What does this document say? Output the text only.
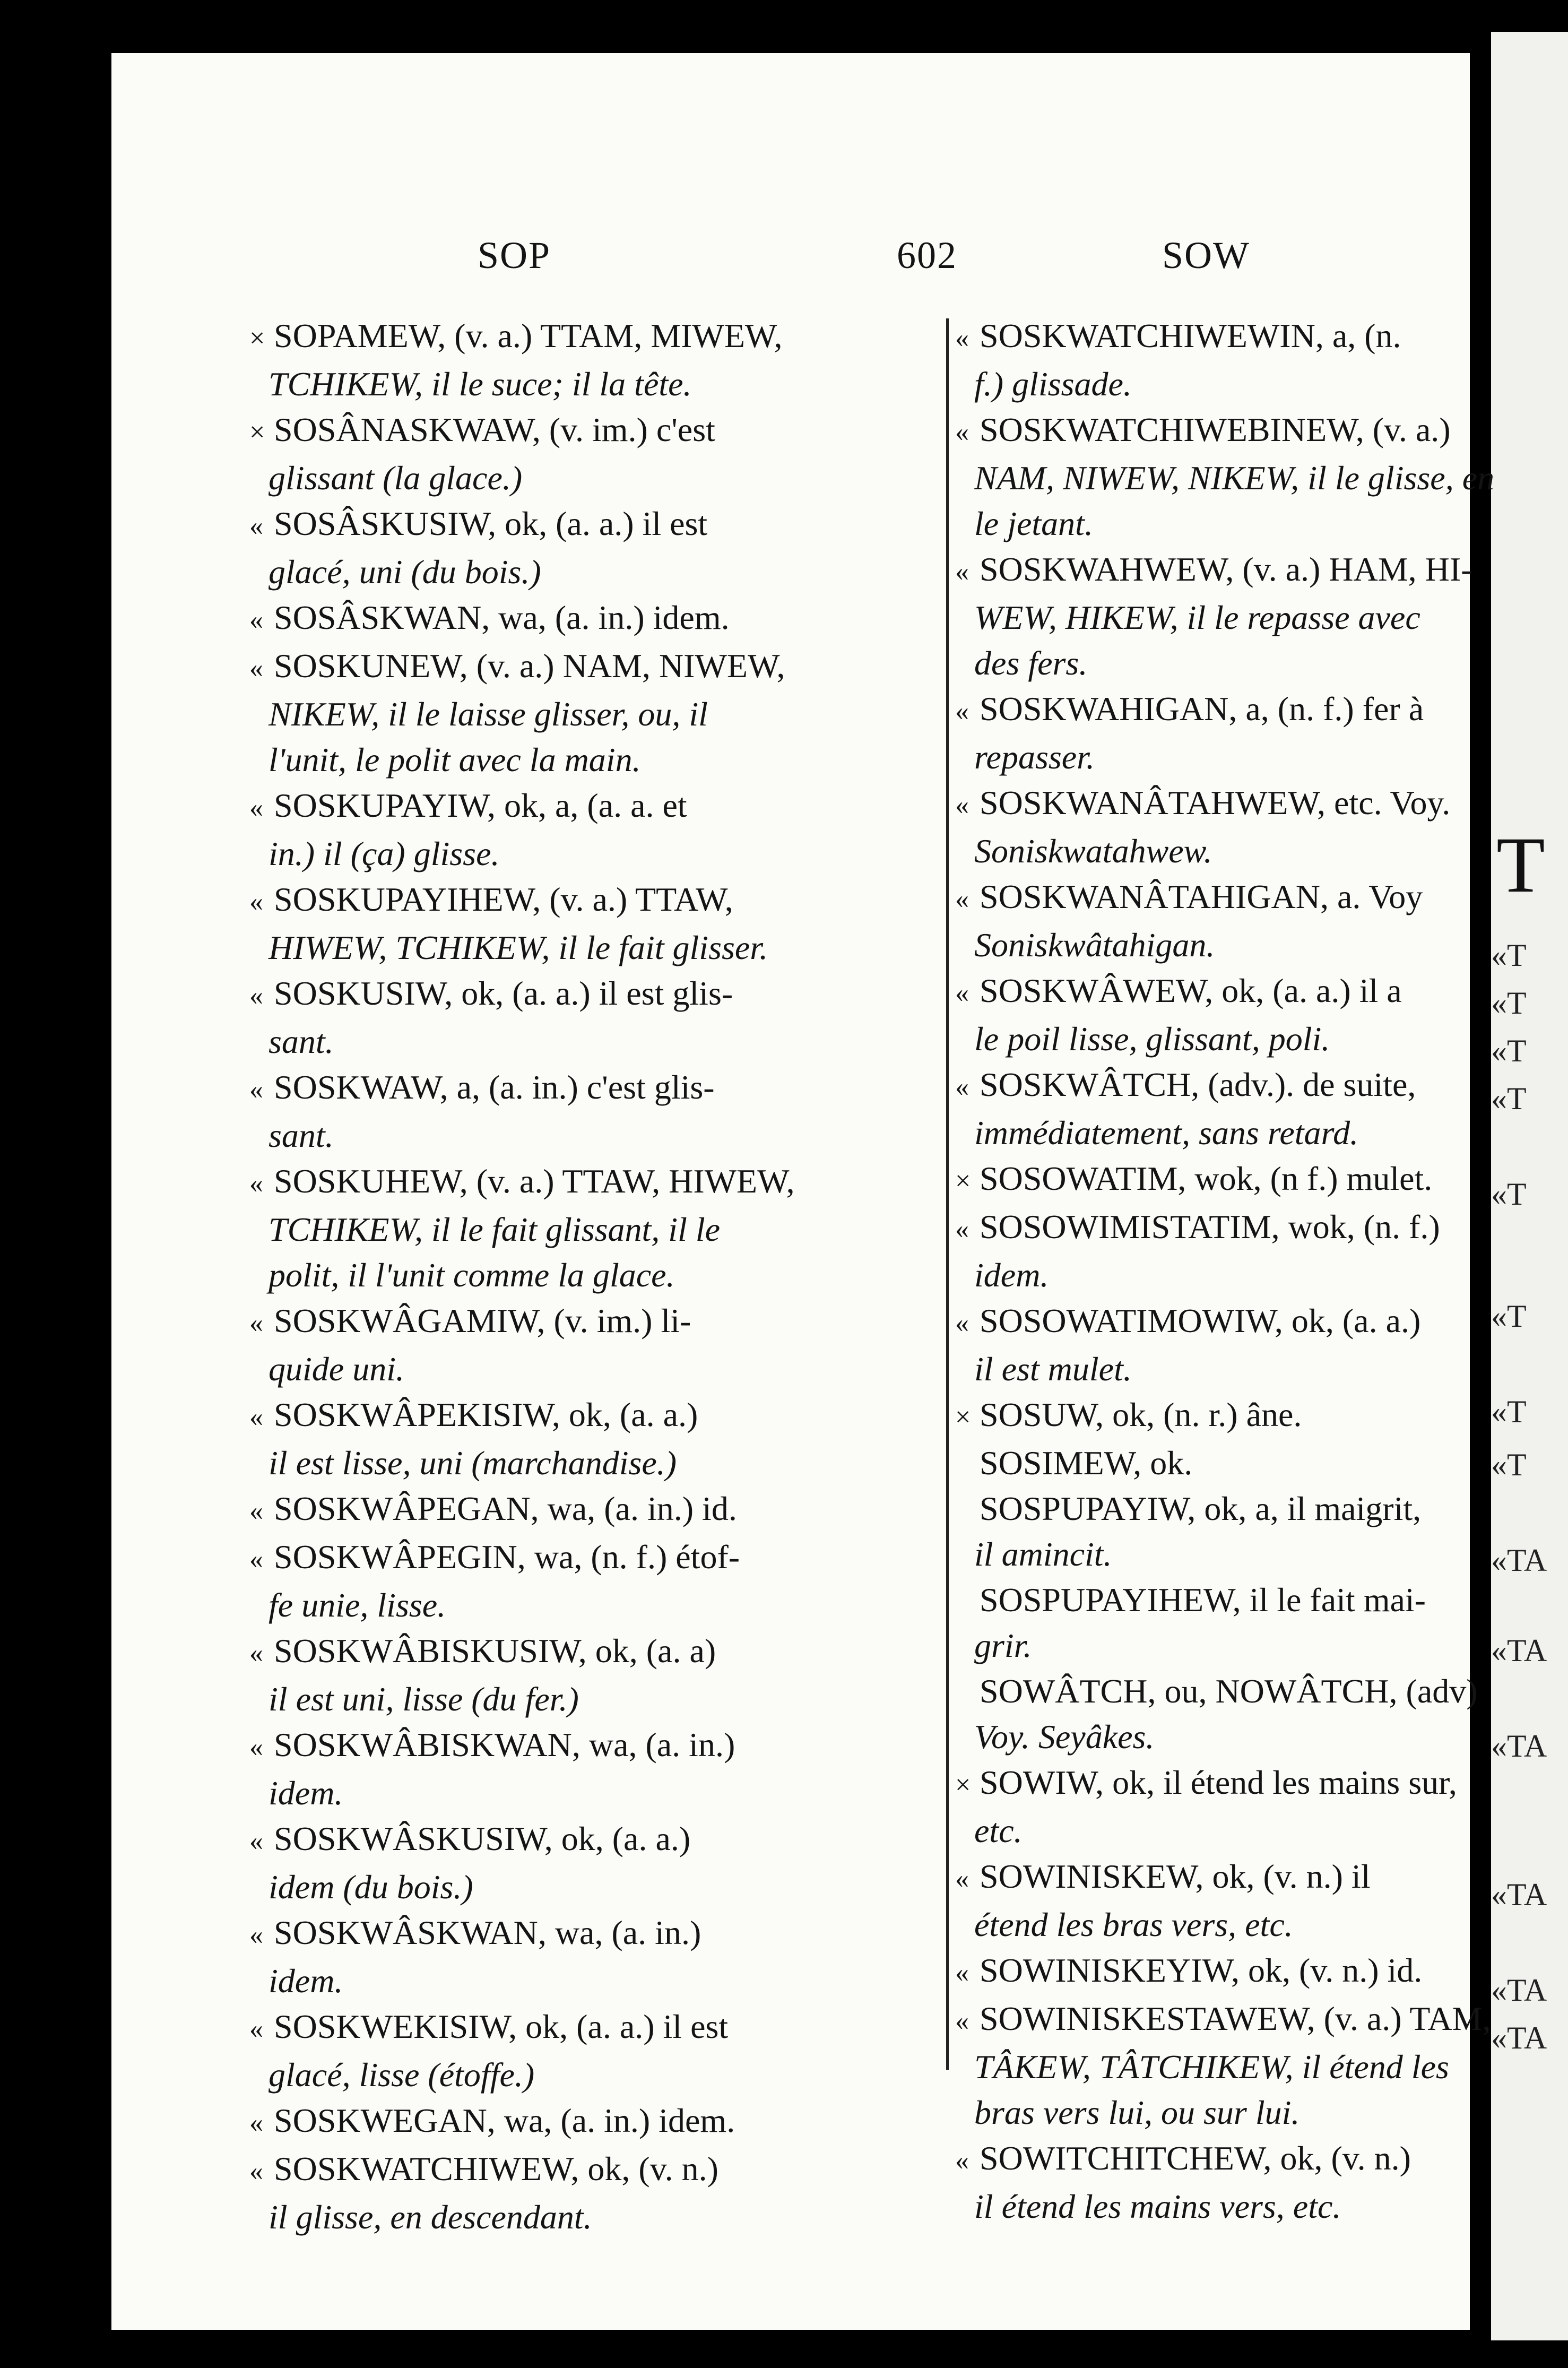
T
«T
«T
«T
«T
«T
«T
«T
«T
«TA
«TA
«TA
«TA
«TA
«TA
SOP	602	SOW

× SOPAMEW, (v. a.) TTAM, MIWEW,
TCHIKEW, il le suce; il la tête.

× SOSÂNASKWAW, (v. im.) c'est
glissant (la glace.)

« SOSÂSKUSIW, ok, (a. a.) il est
glacé, uni (du bois.)

« SOSÂSKWAN, wa, (a. in.) idem.

« SOSKUNEW, (v. a.) NAM, NIWEW,
NIKEW, il le laisse glisser, ou, il
l'unit, le polit avec la main.

« SOSKUPAYIW, ok, a, (a. a. et
in.) il (ça) glisse.

« SOSKUPAYIHEW, (v. a.) TTAW,
HIWEW, TCHIKEW, il le fait glisser.

« SOSKUSIW, ok, (a. a.) il est glis-
sant.

« SOSKWAW, a, (a. in.) c'est glis-
sant.

« SOSKUHEW, (v. a.) TTAW, HIWEW,
TCHIKEW, il le fait glissant, il le
polit, il l'unit comme la glace.

« SOSKWÂGAMIW, (v. im.) li-
quide uni.

« SOSKWÂPEKISIW, ok, (a. a.)
il est lisse, uni (marchandise.)

« SOSKWÂPEGAN, wa, (a. in.) id.

« SOSKWÂPEGIN, wa, (n. f.) étof-
fe unie, lisse.

« SOSKWÂBISKUSIW, ok, (a. a)
il est uni, lisse (du fer.)

« SOSKWÂBISKWAN, wa, (a. in.)
idem.

« SOSKWÂSKUSIW, ok, (a. a.)
idem (du bois.)

« SOSKWÂSKWAN, wa, (a. in.)
idem.

« SOSKWEKISIW, ok, (a. a.) il est
glacé, lisse (étoffe.)

« SOSKWEGAN, wa, (a. in.) idem.

« SOSKWATCHIWEW, ok, (v. n.)
il glisse, en descendant.

« SOSKWATCHIWEWIN, a, (n.
f.) glissade.

« SOSKWATCHIWEBINEW, (v. a.)
NAM, NIWEW, NIKEW, il le glisse, en
le jetant.

« SOSKWAHWEW, (v. a.) HAM, HI-
WEW, HIKEW, il le repasse avec
des fers.

« SOSKWAHIGAN, a, (n. f.) fer à
repasser.

« SOSKWANÂTAHWEW, etc. Voy.
Soniskwatahwew.

« SOSKWANÂTAHIGAN, a. Voy
Soniskwâtahigan.

« SOSKWÂWEW, ok, (a. a.) il a
le poil lisse, glissant, poli.

« SOSKWÂTCH, (adv.). de suite,
immédiatement, sans retard.

× SOSOWATIM, wok, (n f.) mulet.

« SOSOWIMISTATIM, wok, (n. f.)
idem.

« SOSOWATIMOWIW, ok, (a. a.)
il est mulet.

× SOSUW, ok, (n. r.) âne.

SOSIMEW, ok.

SOSPUPAYIW, ok, a, il maigrit,
il amincit.

SOSPUPAYIHEW, il le fait mai-
grir.

SOWÂTCH, ou, NOWÂTCH, (adv)
Voy. Seyâkes.

× SOWIW, ok, il étend les mains sur,
etc.

« SOWINISKEW, ok, (v. n.) il
étend les bras vers, etc.

« SOWINISKEYIW, ok, (v. n.) id.

« SOWINISKESTAWEW, (v. a.) TAM,
TÂKEW, TÂTCHIKEW, il étend les
bras vers lui, ou sur lui.

« SOWITCHITCHEW, ok, (v. n.)
il étend les mains vers, etc.
